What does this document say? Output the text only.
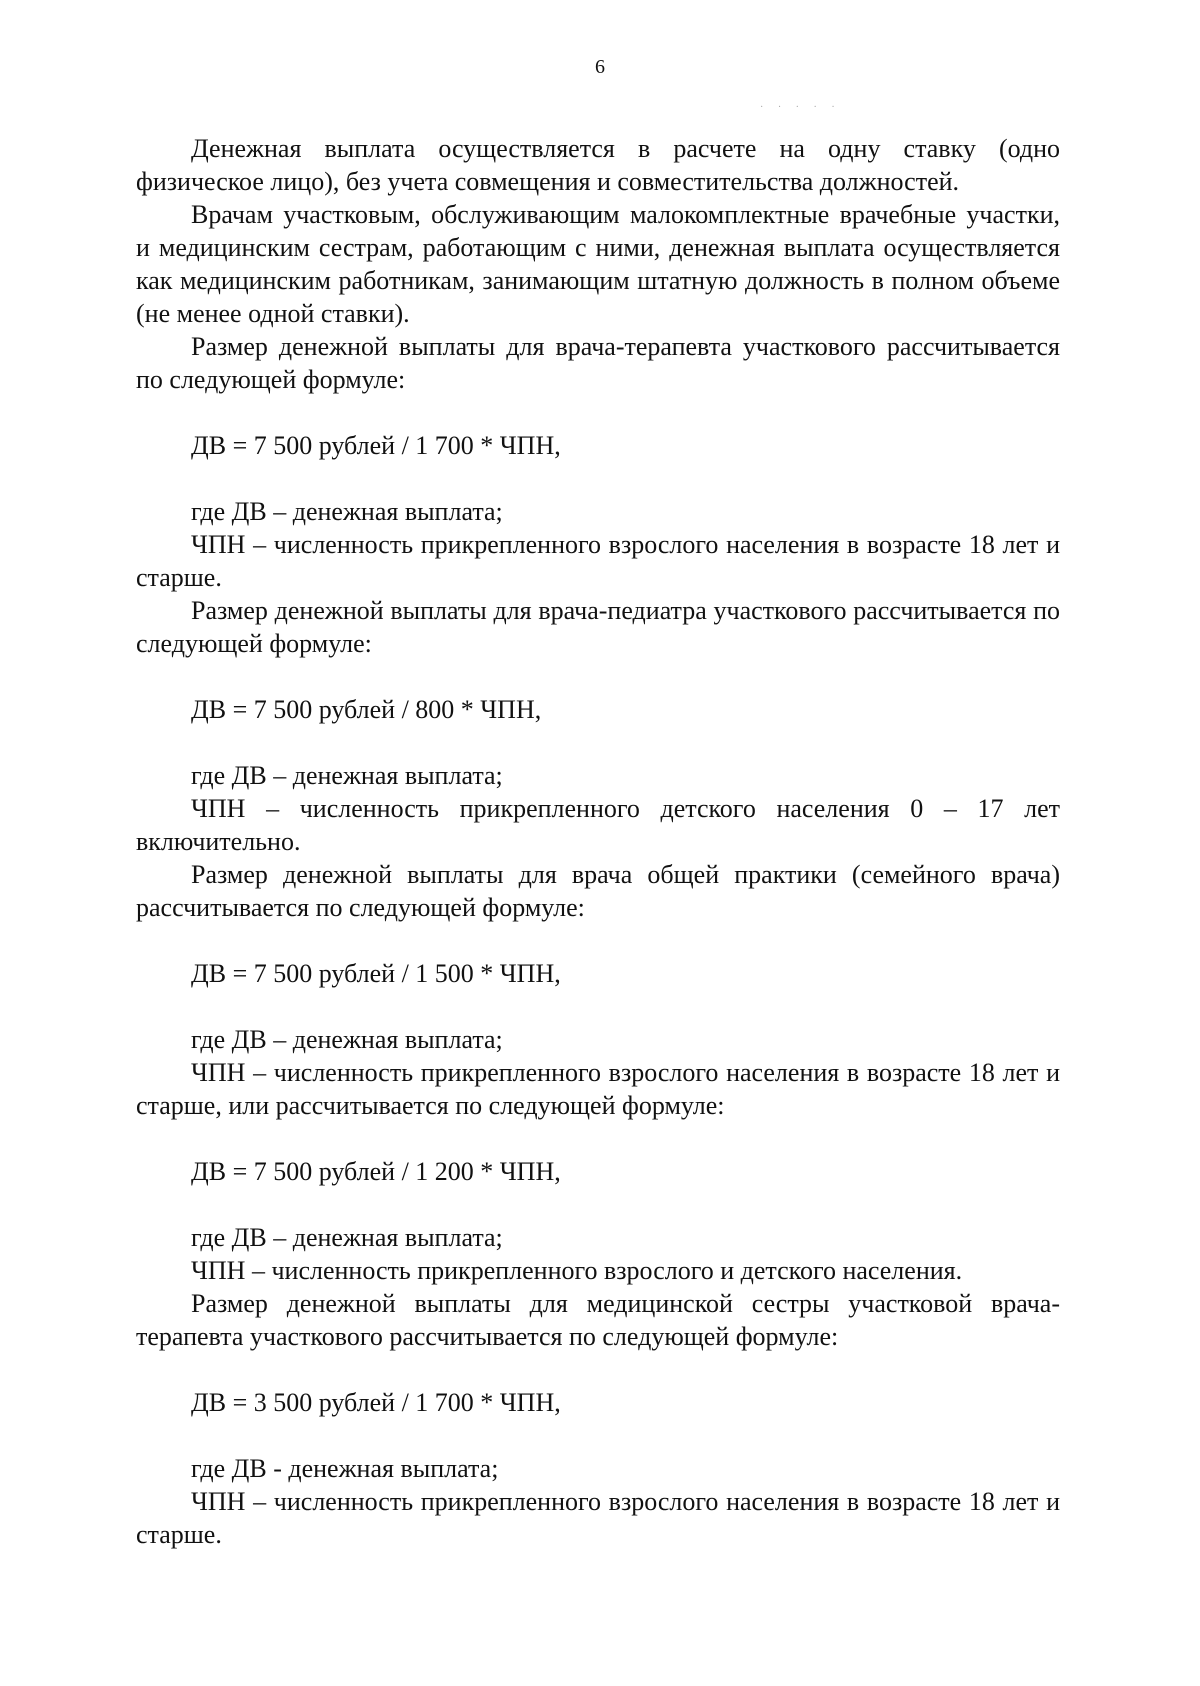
6
· · · · ·

Денежная выплата осуществляется в расчете на одну ставку (одно физическое лицо), без учета совмещения и совместительства должностей.

Врачам участковым, обслуживающим малокомплектные врачебные участки, и медицинским сестрам, работающим с ними, денежная выплата осуществляется как медицинским работникам, занимающим штатную должность в полном объеме (не менее одной ставки).

Размер денежной выплаты для врача-терапевта участкового рассчитывается по следующей формуле:

ДВ = 7 500 рублей / 1 700 * ЧПН,

где ДВ – денежная выплата;

ЧПН – численность прикрепленного взрослого населения в возрасте 18 лет и старше.

Размер денежной выплаты для врача-педиатра участкового рассчитывается по следующей формуле:

ДВ = 7 500 рублей / 800 * ЧПН,

где ДВ – денежная выплата;

ЧПН – численность прикрепленного детского населения 0 – 17 лет включительно.

Размер денежной выплаты для врача общей практики (семейного врача) рассчитывается по следующей формуле:

ДВ = 7 500 рублей / 1 500 * ЧПН,

где ДВ – денежная выплата;

ЧПН – численность прикрепленного взрослого населения в возрасте 18 лет и старше, или рассчитывается по следующей формуле:

ДВ = 7 500 рублей / 1 200 * ЧПН,

где ДВ – денежная выплата;

ЧПН – численность прикрепленного взрослого и детского населения.

Размер денежной выплаты для медицинской сестры участковой врача-терапевта участкового рассчитывается по следующей формуле:

ДВ = 3 500 рублей / 1 700 * ЧПН,

где ДВ - денежная выплата;

ЧПН – численность прикрепленного взрослого населения в возрасте 18 лет и старше.
